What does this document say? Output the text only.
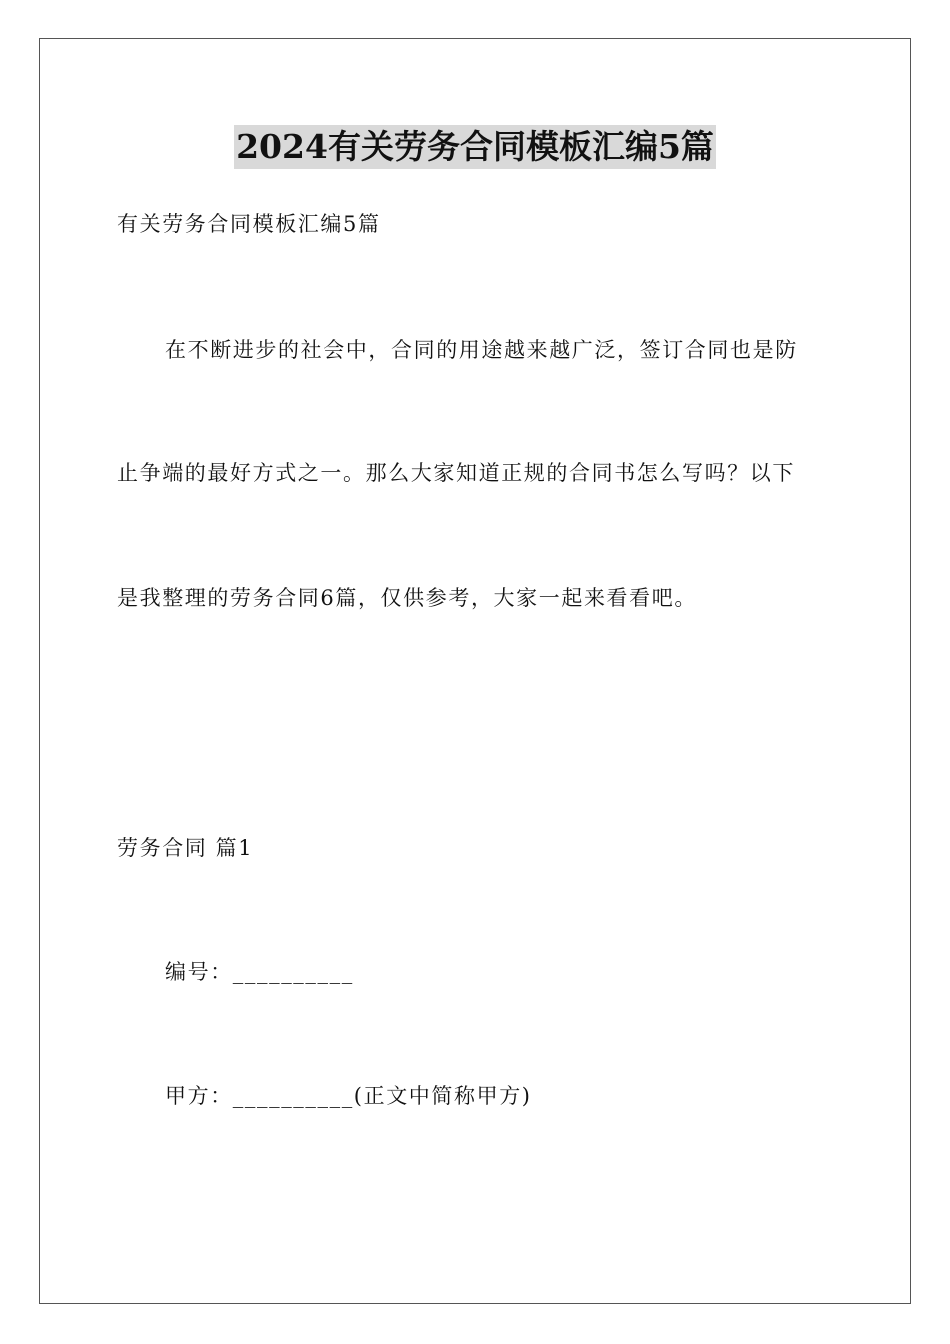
2024有关劳务合同模板汇编5篇
有关劳务合同模板汇编5篇
在不断进步的社会中，合同的用途越来越广泛，签订合同也是防
止争端的最好方式之一。那么大家知道正规的合同书怎么写吗？以下
是我整理的劳务合同6篇，仅供参考，大家一起来看看吧。
劳务合同 篇1
编号：__________
甲方：__________(正文中简称甲方)
